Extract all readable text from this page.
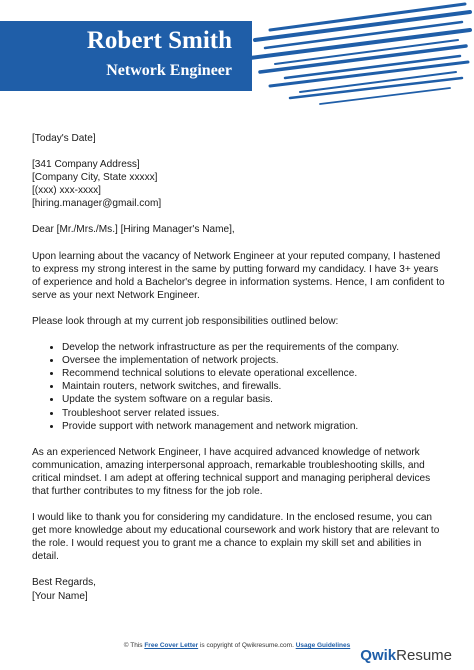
Robert Smith
Network Engineer

[Today's Date]

[341 Company Address]

[Company City, State xxxxx]

[(xxx) xxx-xxxx]

[hiring.manager@gmail.com]

Dear [Mr./Mrs./Ms.] [Hiring Manager's Name],

Upon learning about the vacancy of Network Engineer at your reputed company, I hastened to express my strong interest in the same by putting forward my candidacy. I have 3+ years of experience and hold a Bachelor's degree in information systems. Hence, I am confident to serve as your next Network Engineer.

Please look through at my current job responsibilities outlined below:

• Develop the network infrastructure as per the requirements of the company.
• Oversee the implementation of network projects.
• Recommend technical solutions to elevate operational excellence.
• Maintain routers, network switches, and firewalls.
• Update the system software on a regular basis.
• Troubleshoot server related issues.
• Provide support with network management and network migration.

As an experienced Network Engineer, I have acquired advanced knowledge of network communication, amazing interpersonal approach, remarkable troubleshooting skills, and critical mindset. I am adept at offering technical support and managing peripheral devices that further contributes to my fitness for the job role.

I would like to thank you for considering my candidature. In the enclosed resume, you can get more knowledge about my educational coursework and work history that are relevant to the role. I would request you to grant me a chance to explain my skill set and abilities in detail.

Best Regards,

[Your Name]

© This Free Cover Letter is copyright of Qwikresume.com. Usage Guidelines
QwikResume
